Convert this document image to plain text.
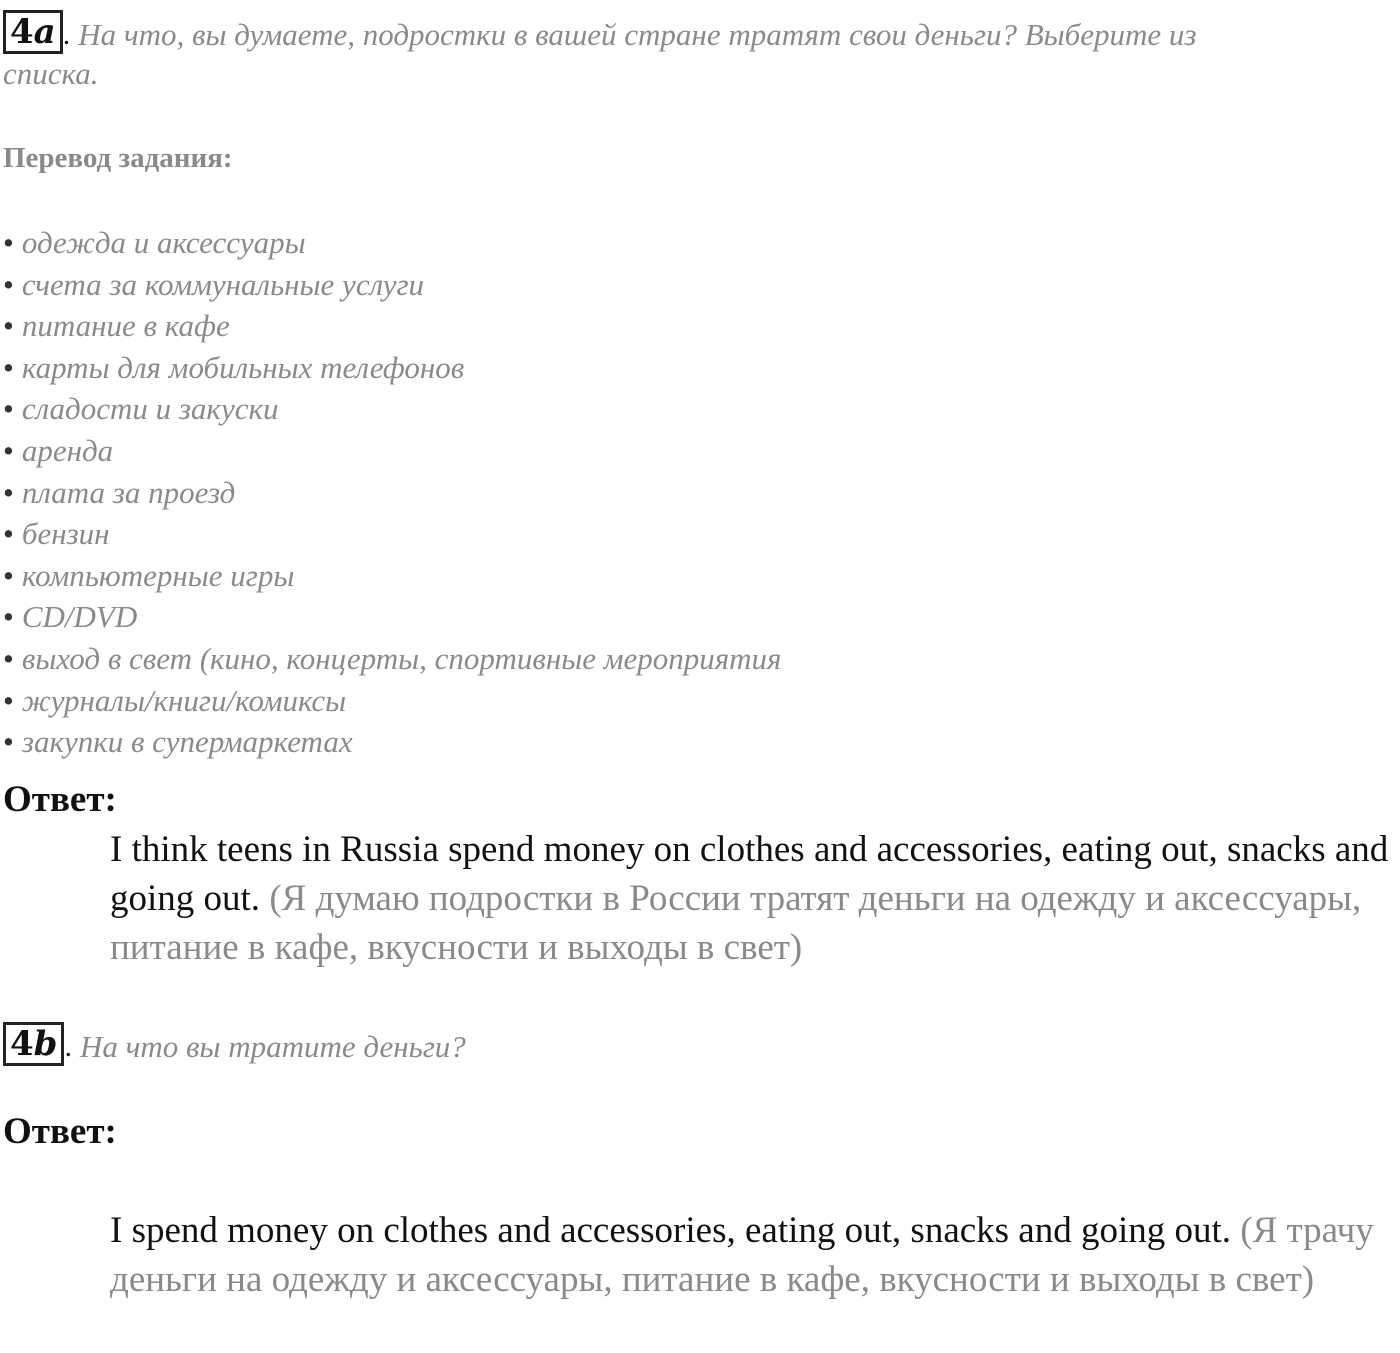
4a . На что, вы думаете, подростки в вашей стране тратят свои деньги? Выберите из
списка.
Перевод задания:
• одежда и аксессуары
• счета за коммунальные услуги
• питание в кафе
• карты для мобильных телефонов
• сладости и закуски
• аренда
• плата за проезд
• бензин
• компьютерные игры
• CD/DVD
• выход в свет (кино, концерты, спортивные мероприятия
• журналы/книги/комиксы
• закупки в супермаркетах
Ответ:
I think teens in Russia spend money on clothes and accessories, eating out, snacks and going out. (Я думаю подростки в России тратят деньги на одежду и аксессуары, питание в кафе, вкусности и выходы в свет)
4b . На что вы тратите деньги?
Ответ:
I spend money on clothes and accessories, eating out, snacks and going out. (Я трачу деньги на одежду и аксессуары, питание в кафе, вкусности и выходы в свет)
